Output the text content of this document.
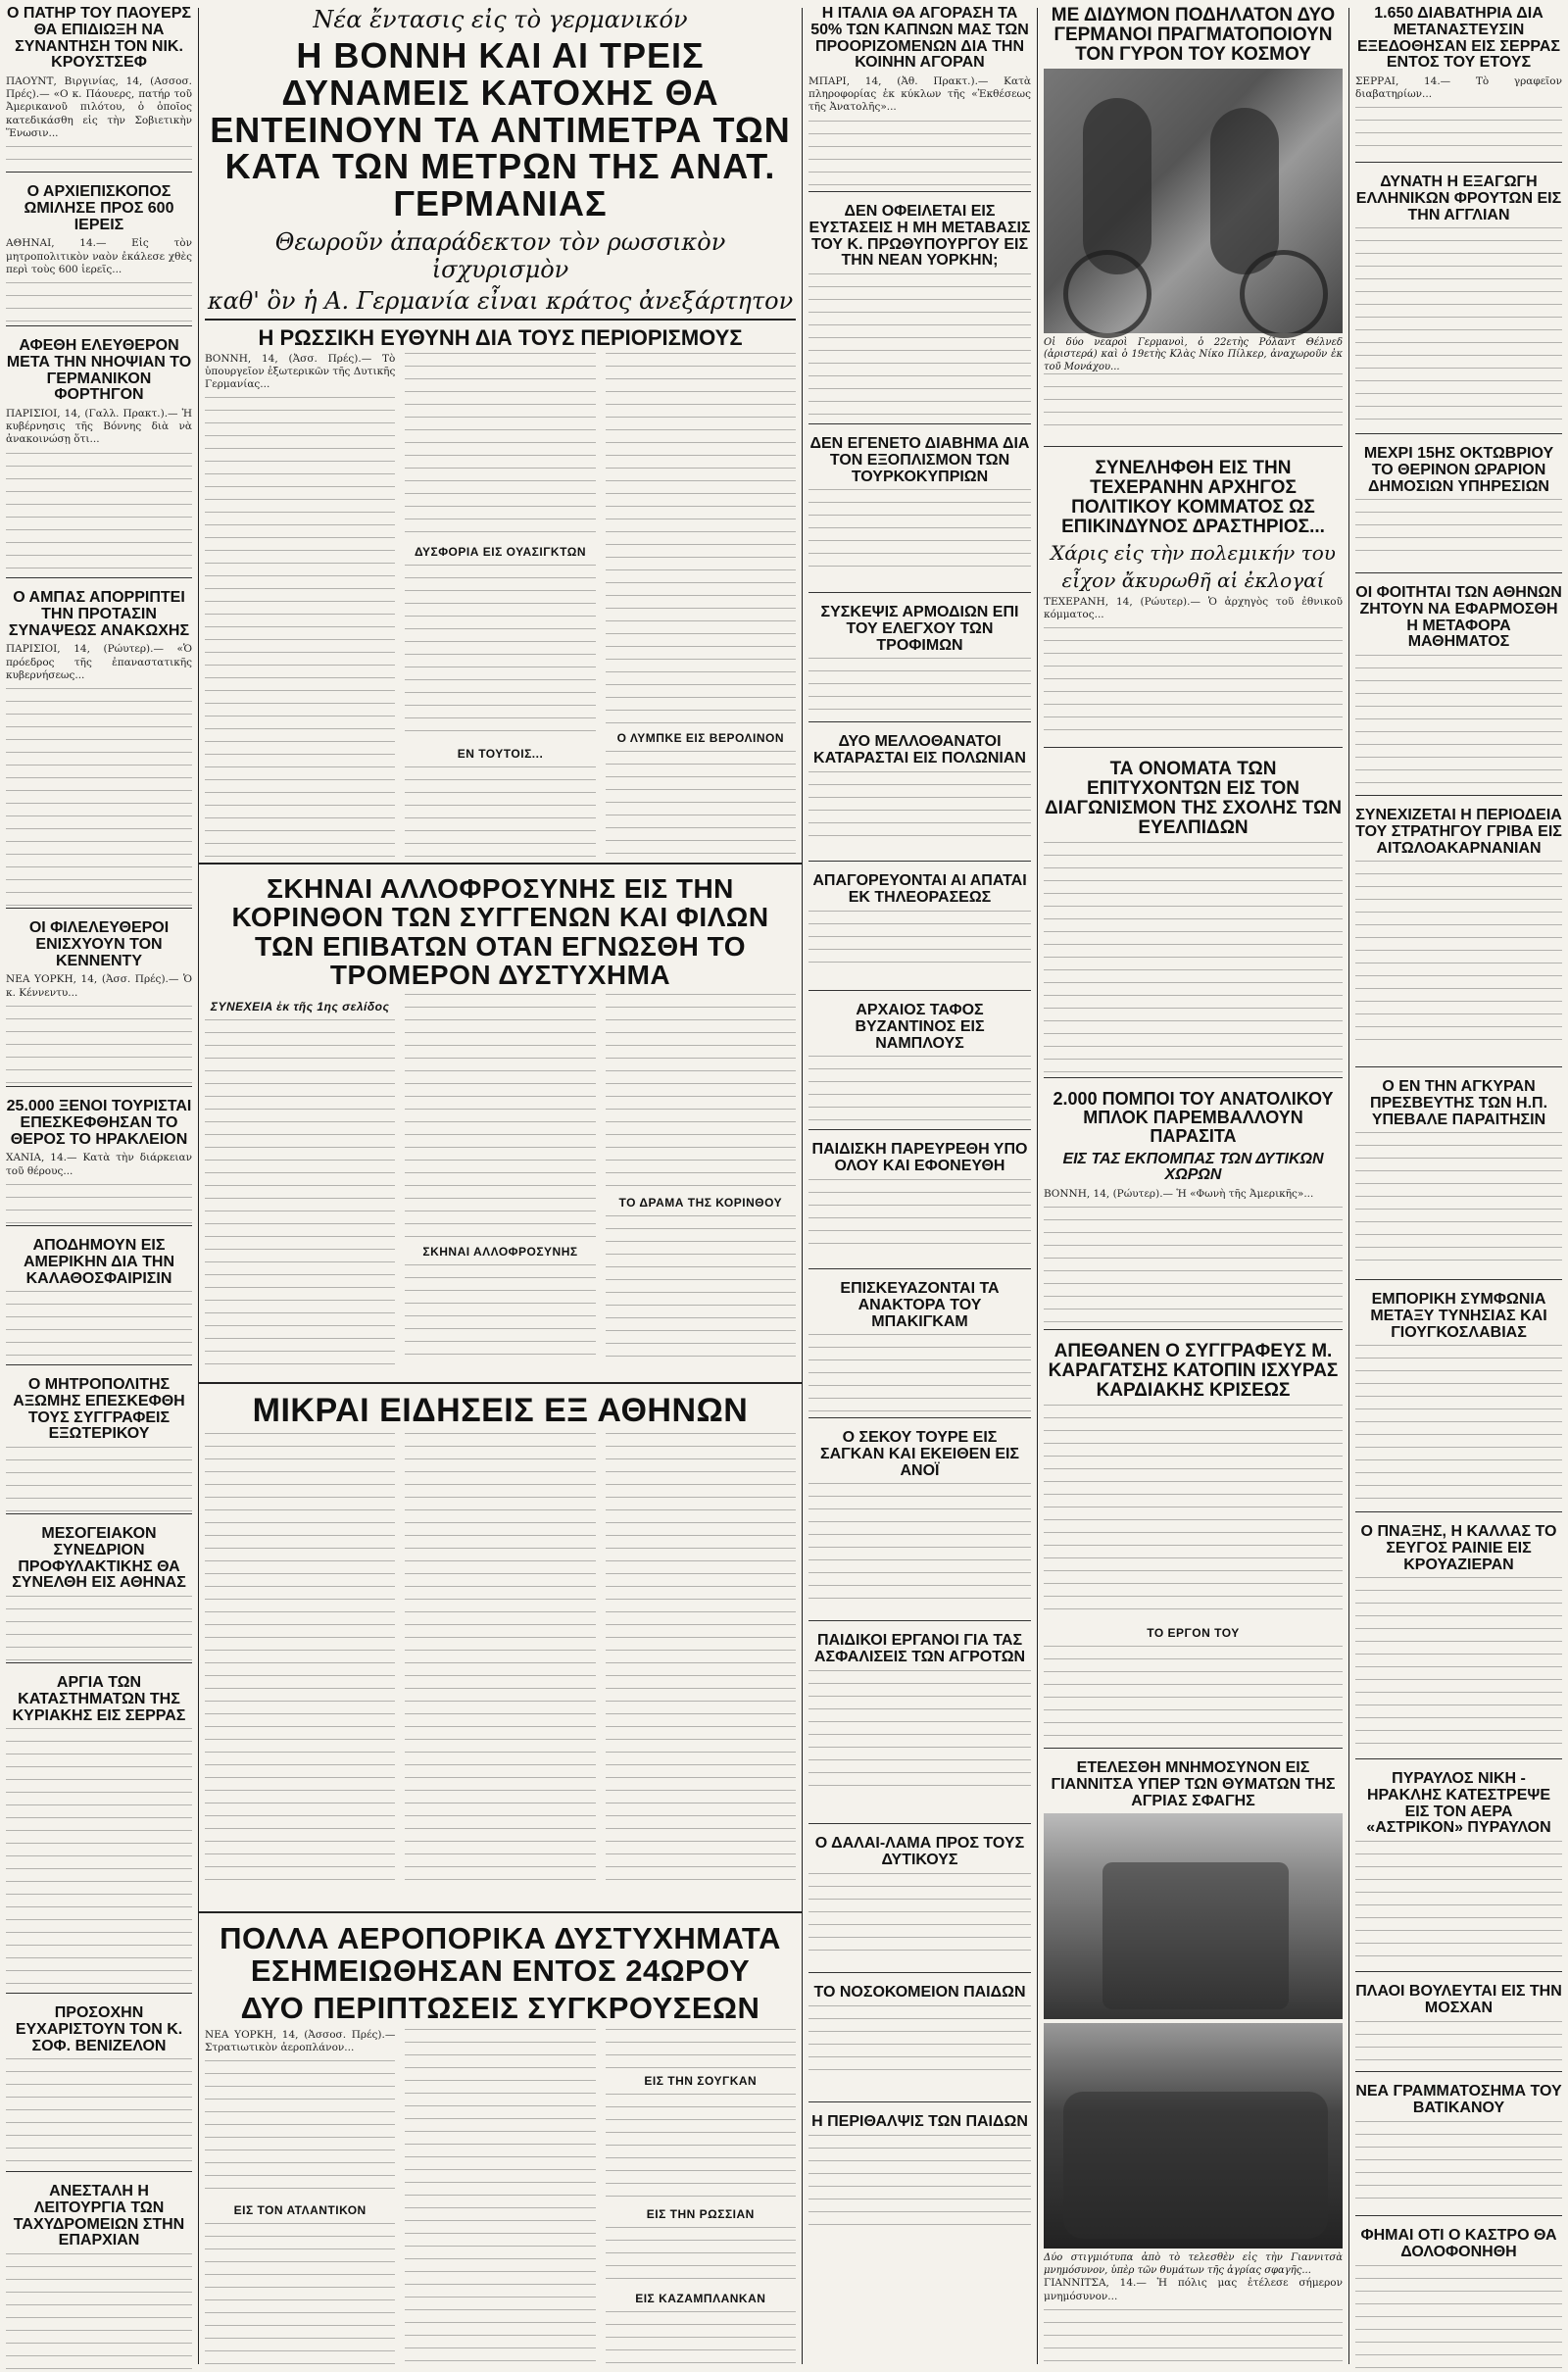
Ο ΠΑΤΗΡ ΤΟΥ ΠΑΟΥΕΡΣ ΘΑ ΕΠΙΔΙΩΞΗ ΝΑ ΣΥΝΑΝΤΗΣΗ ΤΟΝ ΝΙΚ. ΚΡΟΥΣΤΣΕΦ
ΠΑΟΥΝΤ, Βιργινίας, 14, (Ασσοσ. Πρές).— «Ο κ. Πάουερς, πατήρ τοῦ Ἀμερικανοῦ πιλότου, ὁ ὁποῖος κατεδικάσθη εἰς τὴν Σοβιετικὴν Ἕνωσιν...
Ο ΑΡΧΙΕΠΙΣΚΟΠΟΣ ΩΜΙΛΗΣΕ ΠΡΟΣ 600 ΙΕΡΕΙΣ
ΑΘΗΝΑΙ, 14.— Εἰς τὸν μητροπολιτικὸν ναὸν ἐκάλεσε χθὲς περὶ τοὺς 600 ἱερεῖς...
ΑΦΕΘΗ ΕΛΕΥΘΕΡΟΝ ΜΕΤΑ ΤΗΝ ΝΗΟΨΙΑΝ ΤΟ ΓΕΡΜΑΝΙΚΟΝ ΦΟΡΤΗΓΟΝ
ΠΑΡΙΣΙΟΙ, 14, (Γαλλ. Πρακτ.).— Ἡ κυβέρνησις τῆς Βόννης διὰ νὰ ἀνακοινώσῃ ὅτι...
Ο ΑΜΠΑΣ ΑΠΟΡΡΙΠΤΕΙ ΤΗΝ ΠΡΟΤΑΣΙΝ ΣΥΝΑΨΕΩΣ ΑΝΑΚΩΧΗΣ
ΠΑΡΙΣΙΟΙ, 14, (Ρώυτερ).— «Ὁ πρόεδρος τῆς ἐπαναστατικῆς κυβερνήσεως...
ΟΙ ΦΙΛΕΛΕΥΘΕΡΟΙ ΕΝΙΣΧΥΟΥΝ ΤΟΝ ΚΕΝΝΕΝΤΥ
ΝΕΑ ΥΟΡΚΗ, 14, (Ἀσσ. Πρές).— Ὁ κ. Κέννεντυ...
25.000 ΞΕΝΟΙ ΤΟΥΡΙΣΤΑΙ ΕΠΕΣΚΕΦΘΗΣΑΝ ΤΟ ΘΕΡΟΣ ΤΟ ΗΡΑΚΛΕΙΟΝ
ΧΑΝΙΑ, 14.— Κατὰ τὴν διάρκειαν τοῦ θέρους...
ΑΠΟΔΗΜΟΥΝ ΕΙΣ ΑΜΕΡΙΚΗΝ ΔΙΑ ΤΗΝ ΚΑΛΑΘΟΣΦΑΙΡΙΣΙΝ
Ο ΜΗΤΡΟΠΟΛΙΤΗΣ ΑΞΩΜΗΣ ΕΠΕΣΚΕΦΘΗ ΤΟΥΣ ΣΥΓΓΡΑΦΕΙΣ ΕΞΩΤΕΡΙΚΟΥ
ΜΕΣΟΓΕΙΑΚΟΝ ΣΥΝΕΔΡΙΟΝ ΠΡΟΦΥΛΑΚΤΙΚΗΣ ΘΑ ΣΥΝΕΛΘΗ ΕΙΣ ΑΘΗΝΑΣ
ΑΡΓΙΑ ΤΩΝ ΚΑΤΑΣΤΗΜΑΤΩΝ ΤΗΣ ΚΥΡΙΑΚΗΣ ΕΙΣ ΣΕΡΡΑΣ
ΠΡΟΣΟΧΗΝ ΕΥΧΑΡΙΣΤΟΥΝ ΤΟΝ Κ. ΣΟΦ. ΒΕΝΙΖΕΛΟΝ
ΑΝΕΣΤΑΛΗ Η ΛΕΙΤΟΥΡΓΙΑ ΤΩΝ ΤΑΧΥΔΡΟΜΕΙΩΝ ΣΤΗΝ ΕΠΑΡΧΙΑΝ
Νέα ἔντασις εἰς τὸ γερμανικόν
Η ΒΟΝΝΗ ΚΑΙ ΑΙ ΤΡΕΙΣ ΔΥΝΑΜΕΙΣ ΚΑΤΟΧΗΣ ΘΑ ΕΝΤΕΙΝΟΥΝ ΤΑ ΑΝΤΙΜΕΤΡΑ ΤΩΝ ΚΑΤΑ ΤΩΝ ΜΕΤΡΩΝ ΤΗΣ ΑΝΑΤ. ΓΕΡΜΑΝΙΑΣ
Θεωροῦν ἀπαράδεκτον τὸν ρωσσικὸν ἰσχυρισμὸν
καθ' ὃν ἡ Α. Γερμανία εἶναι κράτος ἀνεξάρτητον
Η ΡΩΣΣΙΚΗ ΕΥΘΥΝΗ ΔΙΑ ΤΟΥΣ ΠΕΡΙΟΡΙΣΜΟΥΣ
ΒΟΝΝΗ, 14, (Ἀσσ. Πρές).— Τὸ ὑπουργεῖον ἐξωτερικῶν τῆς Δυτικῆς Γερμανίας...
ΔΥΣΦΟΡΙΑ ΕΙΣ ΟΥΑΣΙΓΚΤΩΝ
ΕΝ ΤΟΥΤΟΙΣ...
Ο ΛΥΜΠΚΕ ΕΙΣ ΒΕΡΟΛΙΝΟΝ
ΣΚΗΝΑΙ ΑΛΛΟΦΡΟΣΥΝΗΣ ΕΙΣ ΤΗΝ ΚΟΡΙΝΘΟΝ ΤΩΝ ΣΥΓΓΕΝΩΝ ΚΑΙ ΦΙΛΩΝ ΤΩΝ ΕΠΙΒΑΤΩΝ ΟΤΑΝ ΕΓΝΩΣΘΗ ΤΟ ΤΡΟΜΕΡΟΝ ΔΥΣΤΥΧΗΜΑ
ΣΥΝΕΧΕΙΑ ἐκ τῆς 1ης σελίδος
ΣΚΗΝΑΙ ΑΛΛΟΦΡΟΣΥΝΗΣ
ΤΟ ΔΡΑΜΑ ΤΗΣ ΚΟΡΙΝΘΟΥ
ΜΙΚΡΑΙ ΕΙΔΗΣΕΙΣ ΕΞ ΑΘΗΝΩΝ
ΠΟΛΛΑ ΑΕΡΟΠΟΡΙΚΑ ΔΥΣΤΥΧΗΜΑΤΑ ΕΣΗΜΕΙΩΘΗΣΑΝ ΕΝΤΟΣ 24ΩΡΟΥ
ΔΥΟ ΠΕΡΙΠΤΩΣΕΙΣ ΣΥΓΚΡΟΥΣΕΩΝ
ΝΕΑ ΥΟΡΚΗ, 14, (Ἀσσοσ. Πρές).— Στρατιωτικὸν ἀεροπλάνον...
ΕΙΣ ΤΟΝ ΑΤΛΑΝΤΙΚΟΝ
ΕΙΣ ΤΗΝ ΣΟΥΓΚΑΝ
ΕΙΣ ΤΗΝ ΡΩΣΣΙΑΝ
ΕΙΣ ΚΑΖΑΜΠΛΑΝΚΑΝ
Η ΙΤΑΛΙΑ ΘΑ ΑΓΟΡΑΣΗ ΤΑ 50% ΤΩΝ ΚΑΠΝΩΝ ΜΑΣ ΤΩΝ ΠΡΟΟΡΙΖΟΜΕΝΩΝ ΔΙΑ ΤΗΝ ΚΟΙΝΗΝ ΑΓΟΡΑΝ
ΜΠΑΡΙ, 14, (Ἀθ. Πρακτ.).— Κατὰ πληροφορίας ἐκ κύκλων τῆς «Ἐκθέσεως τῆς Ἀνατολῆς»...
ΔΕΝ ΟΦΕΙΛΕΤΑΙ ΕΙΣ ΕΥΣΤΑΣΕΙΣ Η ΜΗ ΜΕΤΑΒΑΣΙΣ ΤΟΥ Κ. ΠΡΩΘΥΠΟΥΡΓΟΥ ΕΙΣ ΤΗΝ ΝΕΑΝ ΥΟΡΚΗΝ;
ΔΕΝ ΕΓΕΝΕΤΟ ΔΙΑΒΗΜΑ ΔΙΑ ΤΟΝ ΕΞΟΠΛΙΣΜΟΝ ΤΩΝ ΤΟΥΡΚΟΚΥΠΡΙΩΝ
ΣΥΣΚΕΨΙΣ ΑΡΜΟΔΙΩΝ ΕΠΙ ΤΟΥ ΕΛΕΓΧΟΥ ΤΩΝ ΤΡΟΦΙΜΩΝ
ΔΥΟ ΜΕΛΛΟΘΑΝΑΤΟΙ ΚΑΤΑΡΑΣΤΑΙ ΕΙΣ ΠΟΛΩΝΙΑΝ
ΑΠΑΓΟΡΕΥΟΝΤΑΙ ΑΙ ΑΠΑΤΑΙ ΕΚ ΤΗΛΕΟΡΑΣΕΩΣ
ΑΡΧΑΙΟΣ ΤΑΦΟΣ ΒΥΖΑΝΤΙΝΟΣ ΕΙΣ ΝΑΜΠΛΟΥΣ
ΠΑΙΔΙΣΚΗ ΠΑΡΕΥΡΕΘΗ ΥΠΟ ΟΛΟΥ ΚΑΙ ΕΦΟΝΕΥΘΗ
ΕΠΙΣΚΕΥΑΖΟΝΤΑΙ ΤΑ ΑΝΑΚΤΟΡΑ ΤΟΥ ΜΠΑΚΙΓΚΑΜ
Ο ΣΕΚΟΥ ΤΟΥΡΕ ΕΙΣ ΣΑΓΚΑΝ ΚΑΙ ΕΚΕΙΘΕΝ ΕΙΣ ΑΝΟΪ
ΠΑΙΔΙΚΟΙ ΕΡΓΑΝΟΙ ΓΙΑ ΤΑΣ ΑΣΦΑΛΙΣΕΙΣ ΤΩΝ ΑΓΡΟΤΩΝ
Ο ΔΑΛΑΙ-ΛΑΜΑ ΠΡΟΣ ΤΟΥΣ ΔΥΤΙΚΟΥΣ
ΤΟ ΝΟΣΟΚΟΜΕΙΟΝ ΠΑΙΔΩΝ
Η ΠΕΡΙΘΑΛΨΙΣ ΤΩΝ ΠΑΙΔΩΝ
ΜΕ ΔΙΔΥΜΟΝ ΠΟΔΗΛΑΤΟΝ ΔΥΟ ΓΕΡΜΑΝΟΙ ΠΡΑΓΜΑΤΟΠΟΙΟΥΝ ΤΟΝ ΓΥΡΟΝ ΤΟΥ ΚΟΣΜΟΥ
Οἱ δύο νεαροὶ Γερμανοὶ, ὁ 22ετὴς Ρόλαντ Θέλνεδ (ἀριστερά) καὶ ὁ 19ετὴς Κλὰς Νίκο Πίλκερ, ἀναχωροῦν ἐκ τοῦ Μονάχου...
ΣΥΝΕΛΗΦΘΗ ΕΙΣ ΤΗΝ ΤΕΧΕΡΑΝΗΝ ΑΡΧΗΓΟΣ ΠΟΛΙΤΙΚΟΥ ΚΟΜΜΑΤΟΣ ΩΣ ΕΠΙΚΙΝΔΥΝΟΣ ΔΡΑΣΤΗΡΙΟΣ...
Χάρις εἰς τὴν πολεμικήν του
εἶχον ἄκυρωθῆ αἱ ἐκλογαί
ΤΕΧΕΡΑΝΗ, 14, (Ρώυτερ).— Ὁ ἀρχηγὸς τοῦ ἐθνικοῦ κόμματος...
ΤΑ ΟΝΟΜΑΤΑ ΤΩΝ ΕΠΙΤΥΧΟΝΤΩΝ ΕΙΣ ΤΟΝ ΔΙΑΓΩΝΙΣΜΟΝ ΤΗΣ ΣΧΟΛΗΣ ΤΩΝ ΕΥΕΛΠΙΔΩΝ
2.000 ΠΟΜΠΟΙ ΤΟΥ ΑΝΑΤΟΛΙΚΟΥ ΜΠΛΟΚ ΠΑΡΕΜΒΑΛΛΟΥΝ ΠΑΡΑΣΙΤΑ
ΕΙΣ ΤΑΣ ΕΚΠΟΜΠΑΣ ΤΩΝ ΔΥΤΙΚΩΝ ΧΩΡΩΝ
ΒΟΝΝΗ, 14, (Ρώυτερ).— Ἡ «Φωνὴ τῆς Ἀμερικῆς»...
ΑΠΕΘΑΝΕΝ Ο ΣΥΓΓΡΑΦΕΥΣ Μ. ΚΑΡΑΓΑΤΣΗΣ ΚΑΤΟΠΙΝ ΙΣΧΥΡΑΣ ΚΑΡΔΙΑΚΗΣ ΚΡΙΣΕΩΣ
ΤΟ ΕΡΓΟΝ ΤΟΥ
ΕΤΕΛΕΣΘΗ ΜΝΗΜΟΣΥΝΟΝ ΕΙΣ ΓΙΑΝΝΙΤΣΑ ΥΠΕΡ ΤΩΝ ΘΥΜΑΤΩΝ ΤΗΣ ΑΓΡΙΑΣ ΣΦΑΓΗΣ
Δύο στιγμιότυπα ἀπὸ τὸ τελεσθὲν εἰς τὴν Γιαννιτσὰ μνημόσυνον, ὑπὲρ τῶν θυμάτων τῆς ἀγρίας σφαγῆς...
ΓΙΑΝΝΙΤΣΑ, 14.— Ἡ πόλις μας ἐτέλεσε σήμερον μνημόσυνον...
1.650 ΔΙΑΒΑΤΗΡΙΑ ΔΙΑ ΜΕΤΑΝΑΣΤΕΥΣΙΝ ΕΞΕΔΟΘΗΣΑΝ ΕΙΣ ΣΕΡΡΑΣ ΕΝΤΟΣ ΤΟΥ ΕΤΟΥΣ
ΣΕΡΡΑΙ, 14.— Τὸ γραφεῖον διαβατηρίων...
ΔΥΝΑΤΗ Η ΕΞΑΓΩΓΗ ΕΛΛΗΝΙΚΩΝ ΦΡΟΥΤΩΝ ΕΙΣ ΤΗΝ ΑΓΓΛΙΑΝ
ΜΕΧΡΙ 15ΗΣ ΟΚΤΩΒΡΙΟΥ ΤΟ ΘΕΡΙΝΟΝ ΩΡΑΡΙΟΝ ΔΗΜΟΣΙΩΝ ΥΠΗΡΕΣΙΩΝ
ΟΙ ΦΟΙΤΗΤΑΙ ΤΩΝ ΑΘΗΝΩΝ ΖΗΤΟΥΝ ΝΑ ΕΦΑΡΜΟΣΘΗ Η ΜΕΤΑΦΟΡΑ ΜΑΘΗΜΑΤΟΣ
ΣΥΝΕΧΙΖΕΤΑΙ Η ΠΕΡΙΟΔΕΙΑ ΤΟΥ ΣΤΡΑΤΗΓΟΥ ΓΡΙΒΑ ΕΙΣ ΑΙΤΩΛΟΑΚΑΡΝΑΝΙΑΝ
Ο ΕΝ ΤΗΝ ΑΓΚΥΡΑΝ ΠΡΕΣΒΕΥΤΗΣ ΤΩΝ Η.Π. ΥΠΕΒΑΛΕ ΠΑΡΑΙΤΗΣΙΝ
ΕΜΠΟΡΙΚΗ ΣΥΜΦΩΝΙΑ ΜΕΤΑΞΥ ΤΥΝΗΣΙΑΣ ΚΑΙ ΓΙΟΥΓΚΟΣΛΑΒΙΑΣ
Ο ΠΝΑΞΗΣ, Η ΚΑΛΛΑΣ ΤΟ ΣΕΥΓΟΣ ΡΑΙΝΙΕ ΕΙΣ ΚΡΟΥΑΖΙΕΡΑΝ
ΠΥΡΑΥΛΟΣ ΝΙΚΗ - ΗΡΑΚΛΗΣ ΚΑΤΕΣΤΡΕΨΕ ΕΙΣ ΤΟΝ ΑΕΡΑ «ΑΣΤΡΙΚΟΝ» ΠΥΡΑΥΛΟΝ
ΠΛΑΟΙ ΒΟΥΛΕΥΤΑΙ ΕΙΣ ΤΗΝ ΜΟΣΧΑΝ
ΝΕΑ ΓΡΑΜΜΑΤΟΣΗΜΑ ΤΟΥ ΒΑΤΙΚΑΝΟΥ
ΦΗΜΑΙ ΟΤΙ Ο ΚΑΣΤΡΟ ΘΑ ΔΟΛΟΦΟΝΗΘΗ
